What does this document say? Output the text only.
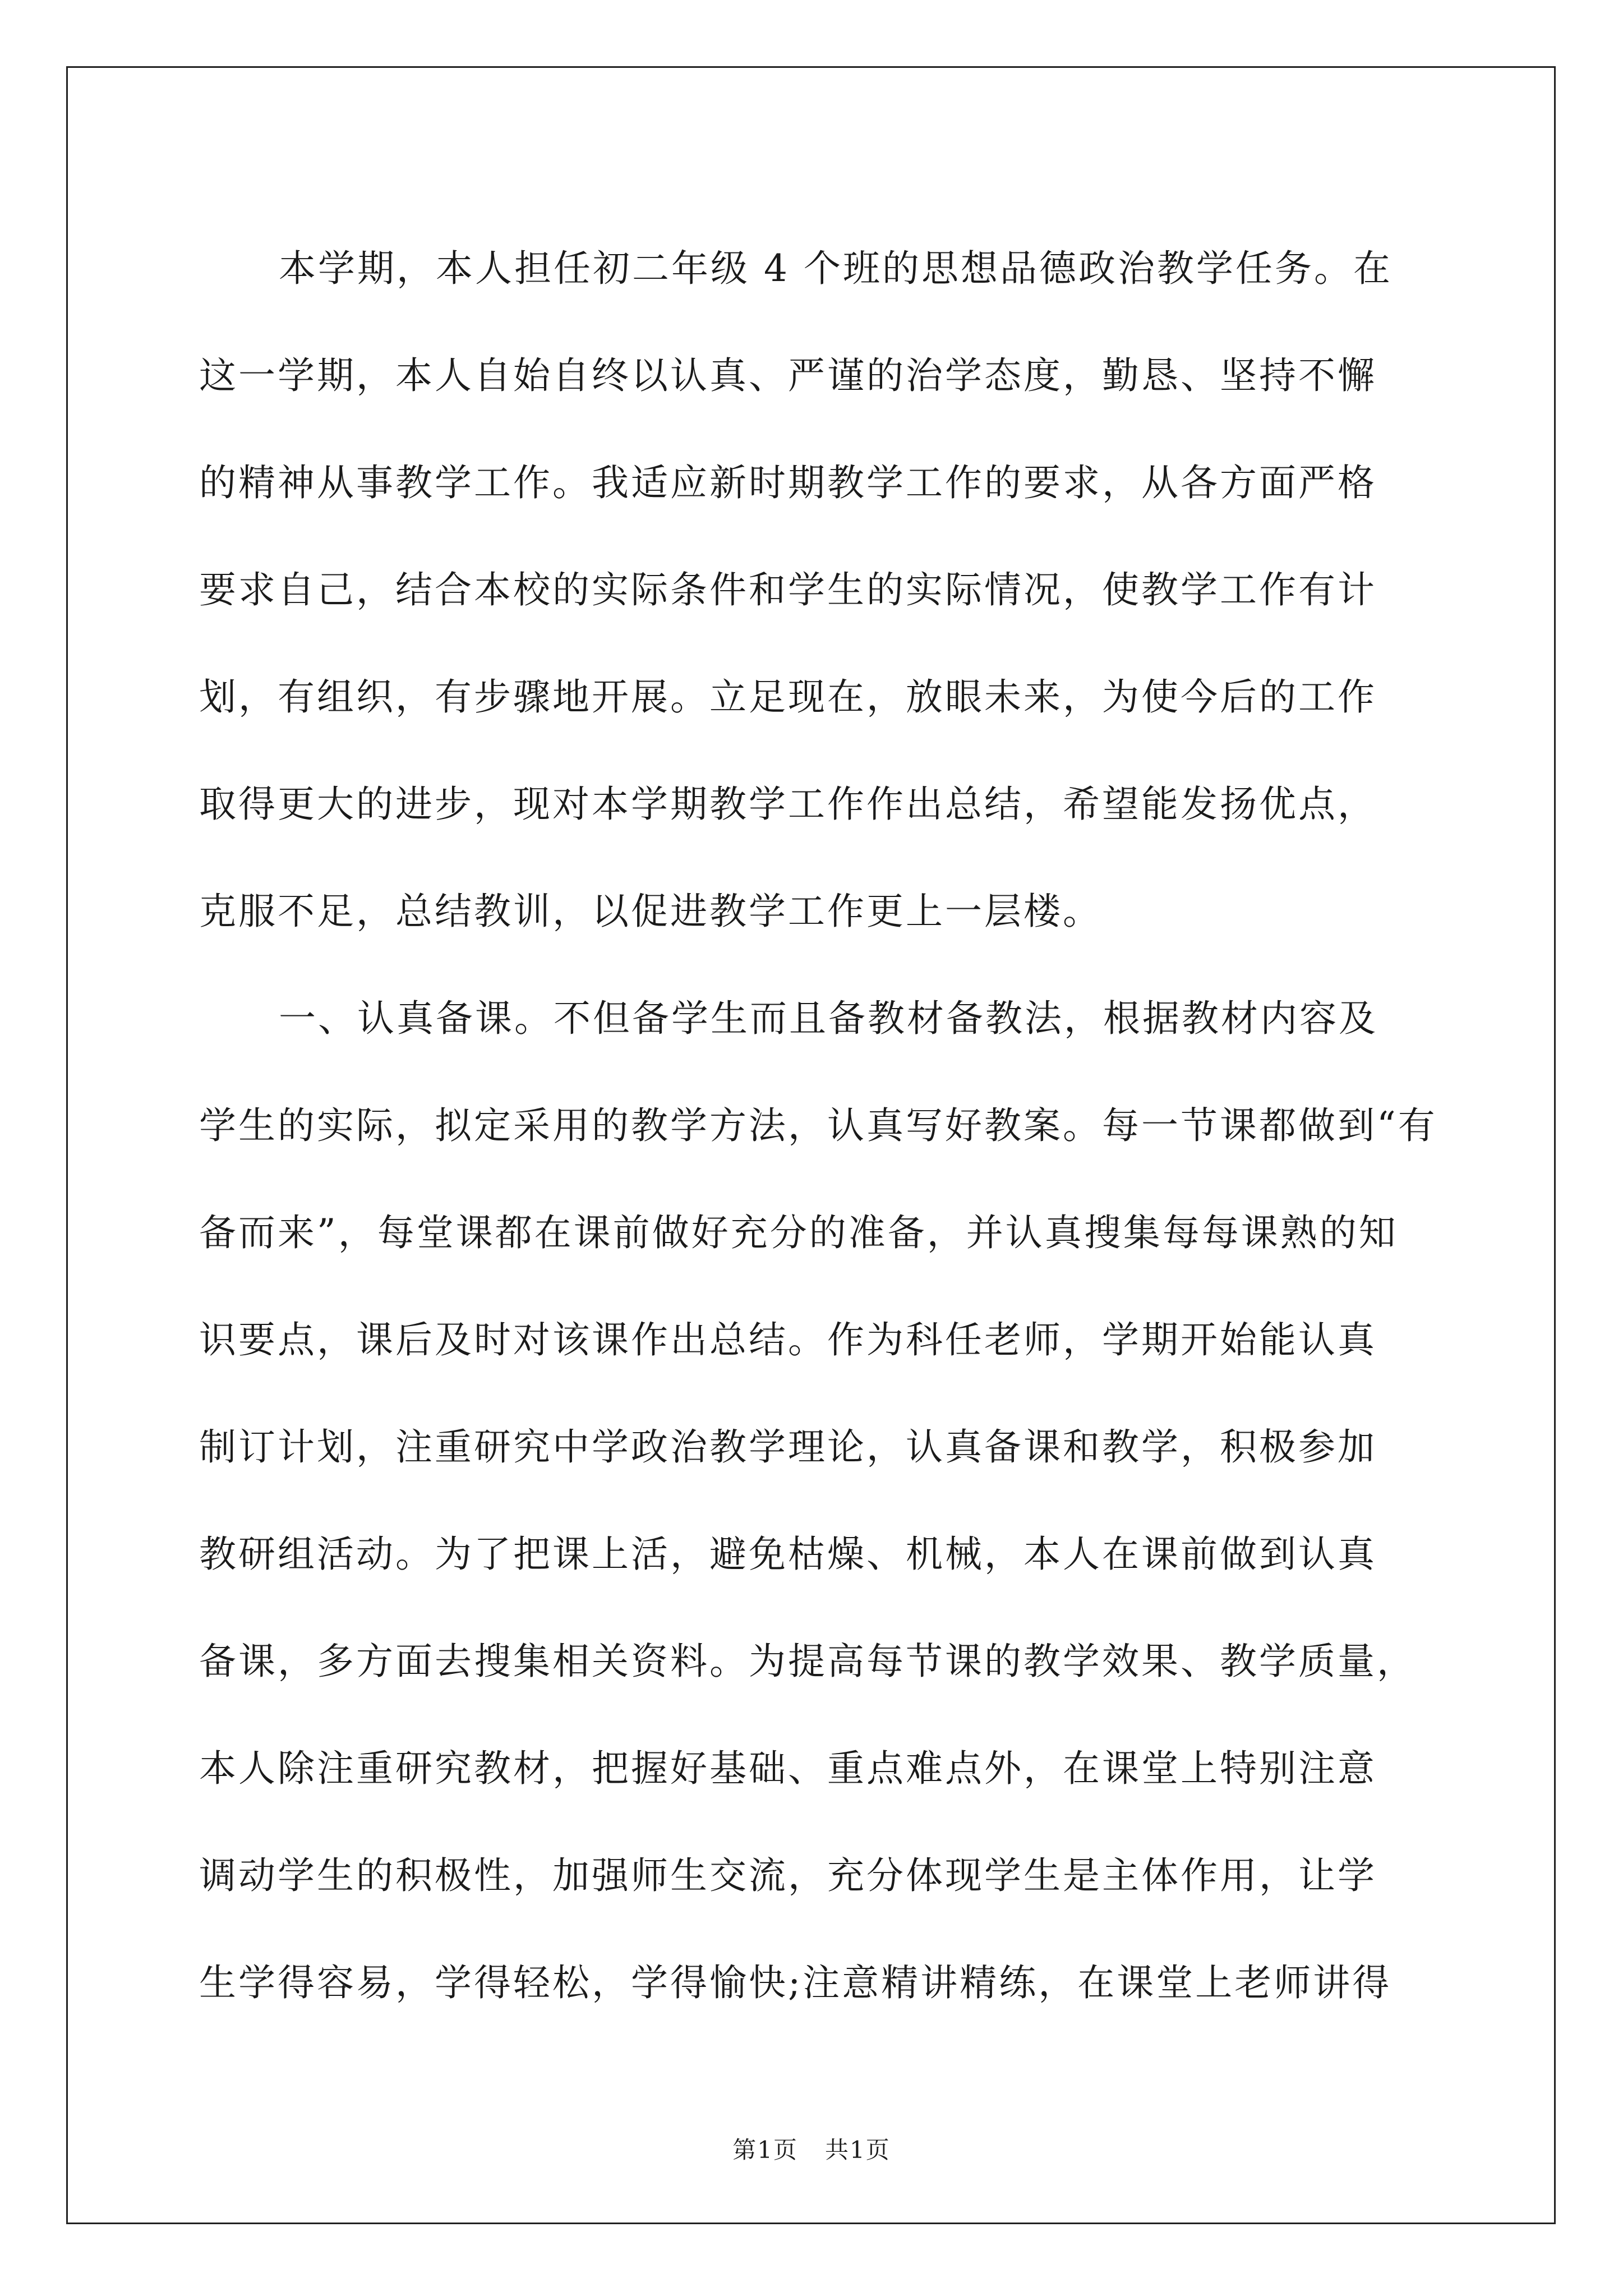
本学期，本人担任初二年级 4 个班的思想品德政治教学任务。在
这一学期，本人自始自终以认真、严谨的治学态度，勤恳、坚持不懈
的精神从事教学工作。我适应新时期教学工作的要求，从各方面严格
要求自己，结合本校的实际条件和学生的实际情况，使教学工作有计
划，有组织，有步骤地开展。立足现在，放眼未来，为使今后的工作
取得更大的进步，现对本学期教学工作作出总结，希望能发扬优点，
克服不足，总结教训，以促进教学工作更上一层楼。
一、认真备课。不但备学生而且备教材备教法，根据教材内容及
学生的实际，拟定采用的教学方法，认真写好教案。每一节课都做到“有
备而来”，每堂课都在课前做好充分的准备，并认真搜集每每课熟的知
识要点，课后及时对该课作出总结。作为科任老师，学期开始能认真
制订计划，注重研究中学政治教学理论，认真备课和教学，积极参加
教研组活动。为了把课上活，避免枯燥、机械，本人在课前做到认真
备课，多方面去搜集相关资料。为提高每节课的教学效果、教学质量，
本人除注重研究教材，把握好基础、重点难点外，在课堂上特别注意
调动学生的积极性，加强师生交流，充分体现学生是主体作用，让学
生学得容易，学得轻松，学得愉快;注意精讲精练，在课堂上老师讲得
第1页 共1页
